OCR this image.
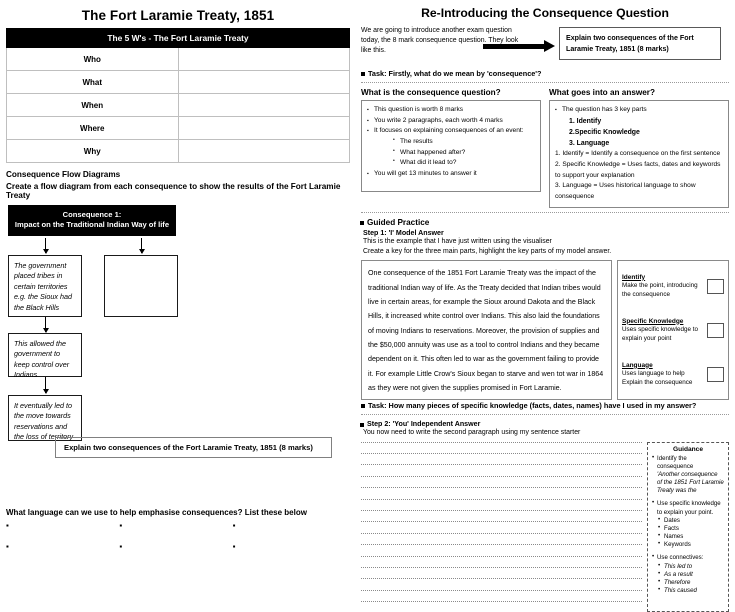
The Fort Laramie Treaty, 1851
The 5 W's - The Fort Laramie Treaty	
Who	
What	
When	
Where	
Why	
Consequence Flow Diagrams
Create a flow diagram from each consequence to show the results of the Fort Laramie Treaty
Consequence 1:
Impact on the Traditional Indian Way of life
The government placed tribes in certain territories e.g. the Sioux had the Black Hills
This allowed the government to keep control over Indians
It eventually led to the move towards reservations and the loss of territory
Explain two consequences of the Fort Laramie Treaty, 1851 (8 marks)
What language can we use to help emphasise consequences? List these below
▪	▪	▪
▪	▪	▪
Re-Introducing the Consequence Question
We are going to introduce another exam question today, the 8 mark consequence question. They look like this.
Explain two consequences of the Fort Laramie Treaty, 1851 (8 marks)
Task: Firstly, what do we mean by 'consequence'?
What is the consequence question?
▪ This question is worth 8 marks
▪ You write 2 paragraphs, each worth 4 marks
▪ It focuses on explaining consequences of an event:
• The results
• What happened after?
• What did it lead to?
▪ You will get 13 minutes to answer it
What goes into an answer?
▪ The question has 3 key parts
1. Identify
2.Specific Knowledge
3. Language
1. Identify = Identify a consequence on the first sentence
2. Specific Knowledge = Uses facts, dates and keywords to support your explanation
3. Language = Uses historical language to show consequence
Guided Practice
Step 1: 'I' Model Answer
This is the example that I have just written using the visualiser
Create a key for the three main parts, highlight the key parts of my model answer.

One consequence of the 1851 Fort Laramie Treaty was the impact of the traditional Indian way of life. As the Treaty decided that Indian tribes would live in certain areas, for example the Sioux around Dakota and the Black Hills, it increased white control over Indians. This also laid the foundations of moving Indians to reservations. Moreover, the provision of supplies and the $50,000 annuity was use as a tool to control Indians and they became dependent on it. This often led to war as the government failing to provide it. For example Little Crow's Sioux began to starve and wen tot war in 1864 as they were not given the supplies promised in Fort Laramie.

Identify
Make the point, introducing the consequence
Specific Knowledge
Uses specific knowledge to explain your point
Language
Uses language to help Explain the consequence
Task: How many pieces of specific knowledge (facts, dates, names) have I used in my answer?
Step 2: 'You' Independent Answer
You now need to write the second paragraph using my sentence starter
Guidance
• Identify the consequence
'Another consequence of the 1851 Fort Laramie Treaty was the
• Use specific knowledge to explain your point.
• Dates
• Facts
• Names
• Keywords
• Use connectives:
• This led to
• As a result
• Therefore
• This caused
